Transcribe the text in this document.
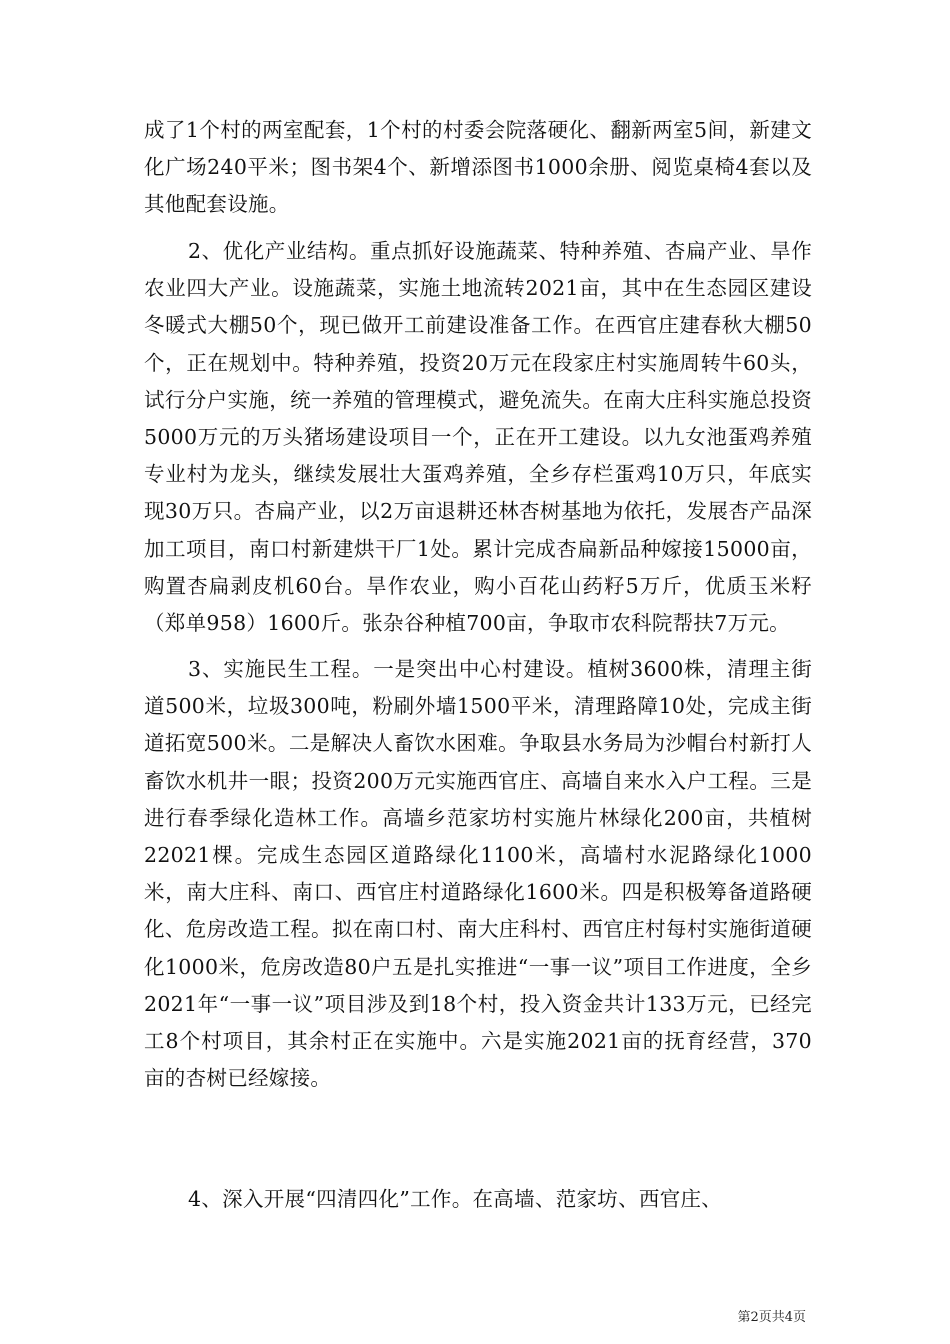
成了1个村的两室配套，1个村的村委会院落硬化、翻新两室5间，新建文化广场240平米；图书架4个、新增添图书1000余册、阅览桌椅4套以及其他配套设施。

2、优化产业结构。重点抓好设施蔬菜、特种养殖、杏扁产业、旱作农业四大产业。设施蔬菜，实施土地流转2021亩，其中在生态园区建设冬暖式大棚50个，现已做开工前建设准备工作。在西官庄建春秋大棚50个，正在规划中。特种养殖，投资20万元在段家庄村实施周转牛60头，试行分户实施，统一养殖的管理模式，避免流失。在南大庄科实施总投资5000万元的万头猪场建设项目一个，正在开工建设。以九女池蛋鸡养殖专业村为龙头，继续发展壮大蛋鸡养殖，全乡存栏蛋鸡10万只，年底实现30万只。杏扁产业，以2万亩退耕还林杏树基地为依托，发展杏产品深加工项目，南口村新建烘干厂1处。累计完成杏扁新品种嫁接15000亩，购置杏扁剥皮机60台。旱作农业，购小百花山药籽5万斤，优质玉米籽（郑单958）1600斤。张杂谷种植700亩，争取市农科院帮扶7万元。

3、实施民生工程。一是突出中心村建设。植树3600株，清理主街道500米，垃圾300吨，粉刷外墙1500平米，清理路障10处，完成主街道拓宽500米。二是解决人畜饮水困难。争取县水务局为沙帽台村新打人畜饮水机井一眼；投资200万元实施西官庄、高墙自来水入户工程。三是进行春季绿化造林工作。高墙乡范家坊村实施片林绿化200亩，共植树22021棵。完成生态园区道路绿化1100米，高墙村水泥路绿化1000米，南大庄科、南口、西官庄村道路绿化1600米。四是积极筹备道路硬化、危房改造工程。拟在南口村、南大庄科村、西官庄村每村实施街道硬化1000米，危房改造80户五是扎实推进“一事一议”项目工作进度，全乡2021年“一事一议”项目涉及到18个村，投入资金共计133万元，已经完工8个村项目，其余村正在实施中。六是实施2021亩的抚育经营，370亩的杏树已经嫁接。

4、深入开展“四清四化”工作。在高墙、范家坊、西官庄、

第2页共4页
